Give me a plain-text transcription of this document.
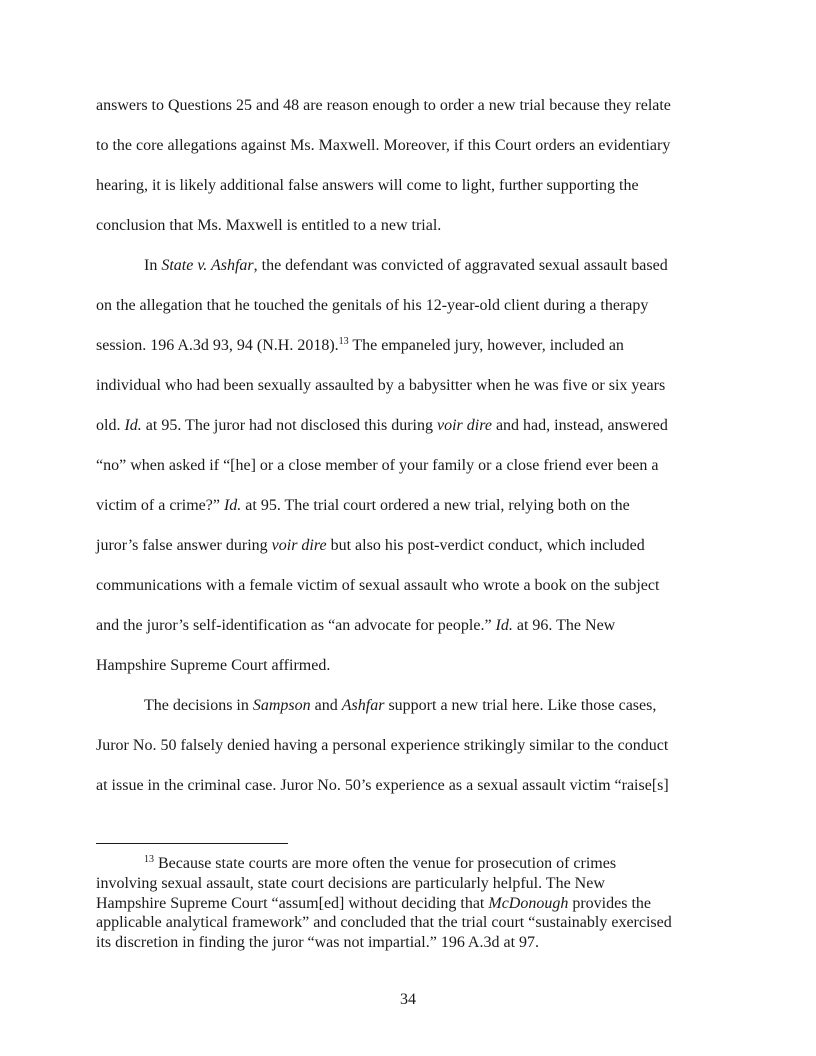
answers to Questions 25 and 48 are reason enough to order a new trial because they relate
to the core allegations against Ms. Maxwell. Moreover, if this Court orders an evidentiary
hearing, it is likely additional false answers will come to light, further supporting the
conclusion that Ms. Maxwell is entitled to a new trial.
In State v. Ashfar, the defendant was convicted of aggravated sexual assault based
on the allegation that he touched the genitals of his 12-year-old client during a therapy
session. 196 A.3d 93, 94 (N.H. 2018).$^{13}$ The empaneled jury, however, included an
individual who had been sexually assaulted by a babysitter when he was five or six years
old. Id. at 95. The juror had not disclosed this during voir dire and had, instead, answered
“no” when asked if “[he] or a close member of your family or a close friend ever been a
victim of a crime?” Id. at 95. The trial court ordered a new trial, relying both on the
juror’s false answer during voir dire but also his post-verdict conduct, which included
communications with a female victim of sexual assault who wrote a book on the subject
and the juror’s self-identification as “an advocate for people.” Id. at 96. The New
Hampshire Supreme Court affirmed.
The decisions in Sampson and Ashfar support a new trial here. Like those cases,
Juror No. 50 falsely denied having a personal experience strikingly similar to the conduct
at issue in the criminal case. Juror No. 50’s experience as a sexual assault victim “raise[s]
$^{13}$ Because state courts are more often the venue for prosecution of crimes
involving sexual assault, state court decisions are particularly helpful. The New
Hampshire Supreme Court “assum[ed] without deciding that McDonough provides the
applicable analytical framework” and concluded that the trial court “sustainably exercised
its discretion in finding the juror “was not impartial.” 196 A.3d at 97.
34
